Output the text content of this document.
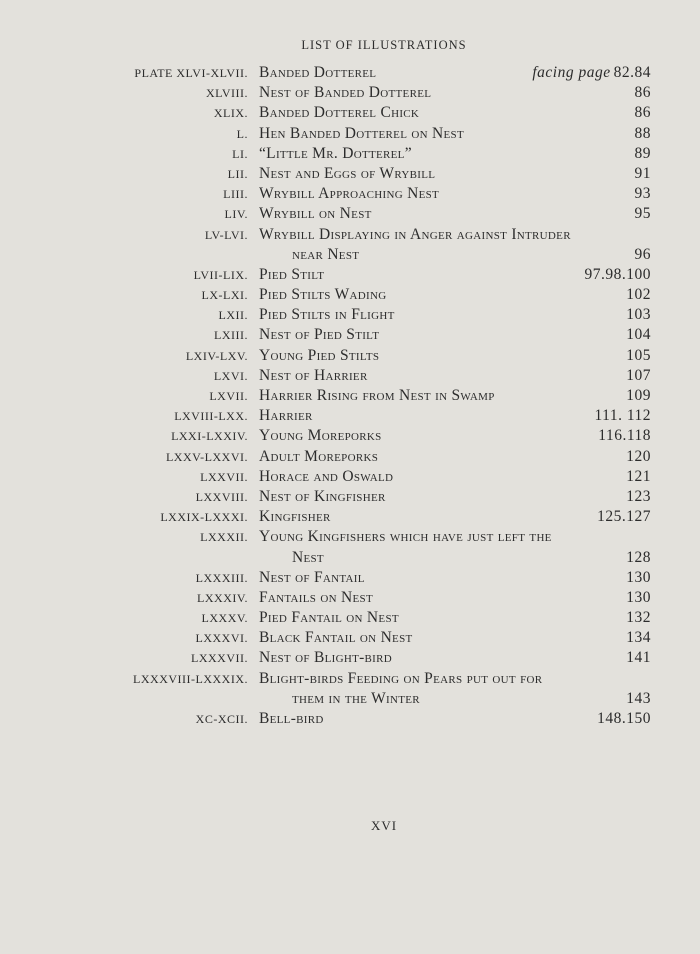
LIST OF ILLUSTRATIONS
PLATE XLVI-XLVII. Banded Dotterel	facing page 82.84
XLVIII. Nest of Banded Dotterel	86
XLIX. Banded Dotterel Chick	86
L. Hen Banded Dotterel on Nest	88
LI. “Little Mr. Dotterel”	89
LII. Nest and Eggs of Wrybill	91
LIII. Wrybill Approaching Nest	93
LIV. Wrybill on Nest	95
LV-LVI. Wrybill Displaying in Anger against Intruder
near Nest	96
LVII-LIX. Pied Stilt	97.98.100
LX-LXI. Pied Stilts Wading	102
LXII. Pied Stilts in Flight	103
LXIII. Nest of Pied Stilt	104
LXIV-LXV. Young Pied Stilts	105
LXVI. Nest of Harrier	107
LXVII. Harrier Rising from Nest in Swamp	109
LXVIII-LXX. Harrier	111. 112
LXXI-LXXIV. Young Moreporks	116.118
LXXV-LXXVI. Adult Moreporks	120
LXXVII. Horace and Oswald	121
LXXVIII. Nest of Kingfisher	123
LXXIX-LXXXI. Kingfisher	125.127
LXXXII. Young Kingfishers which have just left the
Nest	128
LXXXIII. Nest of Fantail	130
LXXXIV. Fantails on Nest	130
LXXXV. Pied Fantail on Nest	132
LXXXVI. Black Fantail on Nest	134
LXXXVII. Nest of Blight-bird	141
LXXXVIII-LXXXIX. Blight-birds Feeding on Pears put out for
them in the Winter	143
XC-XCII. Bell-bird	148.150
XVI
